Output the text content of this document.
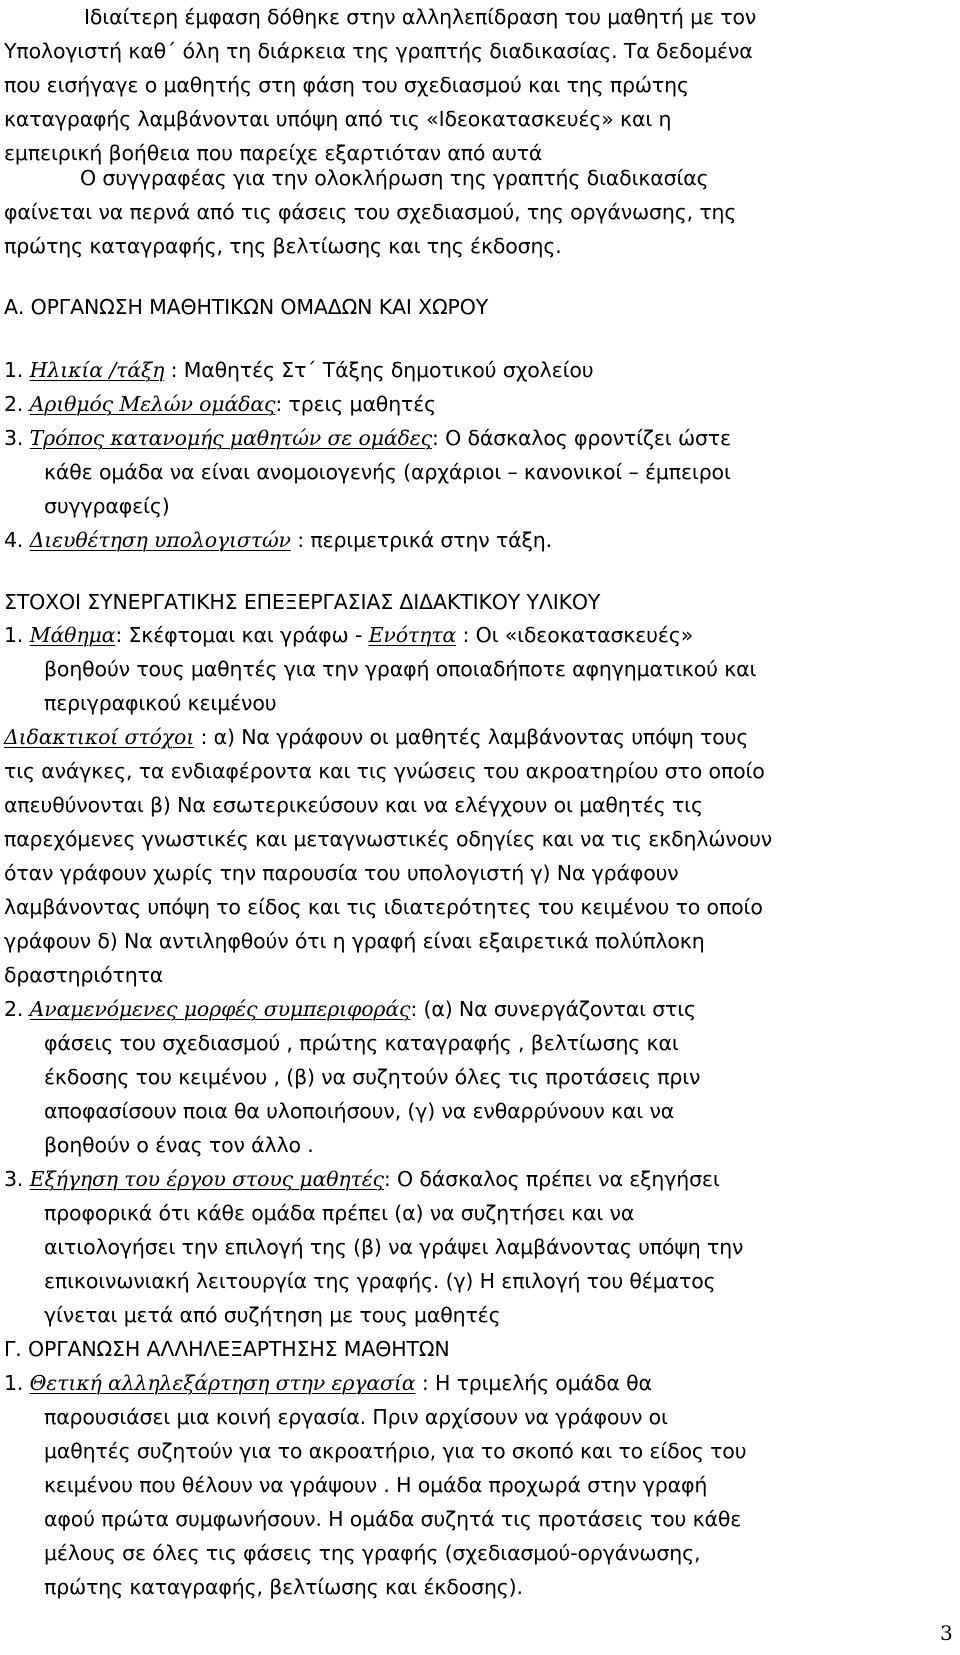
Ιδιαίτερη έμφαση δόθηκε στην αλληλεπίδραση του μαθητή με τον
Υπολογιστή καθ΄ όλη τη διάρκεια της γραπτής διαδικασίας. Τα δεδομένα
που εισήγαγε ο μαθητής στη φάση του σχεδιασμού και της πρώτης
καταγραφής λαμβάνονται υπόψη από τις «Ιδεοκατασκευές» και η
εμπειρική βοήθεια που παρείχε εξαρτιόταν από αυτά
Ο συγγραφέας για την ολοκλήρωση της γραπτής διαδικασίας
φαίνεται να περνά από τις φάσεις του σχεδιασμού, της οργάνωσης, της
πρώτης καταγραφής, της βελτίωσης και της έκδοσης.
Α. ΟΡΓΑΝΩΣΗ ΜΑΘΗΤΙΚΩΝ ΟΜΑΔΩΝ ΚΑΙ ΧΩΡΟΥ
1. Ηλικία /τάξη : Μαθητές Στ΄ Τάξης δημοτικού σχολείου
2. Αριθμός Μελών ομάδας: τρεις μαθητές
3. Τρόπος κατανομής μαθητών σε ομάδες: Ο δάσκαλος φροντίζει ώστε
κάθε ομάδα να είναι ανομοιογενής (αρχάριοι – κανονικοί – έμπειροι
συγγραφείς)
4. Διευθέτηση υπολογιστών : περιμετρικά στην τάξη.
ΣΤΟΧΟΙ ΣΥΝΕΡΓΑΤΙΚΗΣ ΕΠΕΞΕΡΓΑΣΙΑΣ ΔΙΔΑΚΤΙΚΟΥ ΥΛΙΚΟΥ
1. Μάθημα: Σκέφτομαι και γράφω - Ενότητα : Οι «ιδεοκατασκευές»
βοηθούν τους μαθητές για την γραφή οποιαδήποτε αφηγηματικού και
περιγραφικού κειμένου
Διδακτικοί στόχοι : α) Να γράφουν οι μαθητές λαμβάνοντας υπόψη τους
τις ανάγκες, τα ενδιαφέροντα και τις γνώσεις του ακροατηρίου στο οποίο
απευθύνονται β) Να εσωτερικεύσουν και να ελέγχουν οι μαθητές τις
παρεχόμενες γνωστικές και μεταγνωστικές οδηγίες και να τις εκδηλώνουν
όταν γράφουν χωρίς την παρουσία του υπολογιστή γ) Να γράφουν
λαμβάνοντας υπόψη το είδος και τις ιδιατερότητες του κειμένου το οποίο
γράφουν δ) Να αντιληφθούν ότι η γραφή είναι εξαιρετικά πολύπλοκη
δραστηριότητα
2. Αναμενόμενες μορφές συμπεριφοράς: (α) Να συνεργάζονται στις
φάσεις του σχεδιασμού , πρώτης καταγραφής , βελτίωσης και
έκδοσης του κειμένου , (β) να συζητούν όλες τις προτάσεις πριν
αποφασίσουν ποια θα υλοποιήσουν, (γ) να ενθαρρύνουν και να
βοηθούν ο ένας τον άλλο .
3. Εξήγηση του έργου στους μαθητές: Ο δάσκαλος πρέπει να εξηγήσει
προφορικά ότι κάθε ομάδα πρέπει (α) να συζητήσει και να
αιτιολογήσει την επιλογή της (β) να γράψει λαμβάνοντας υπόψη την
επικοινωνιακή λειτουργία της γραφής. (γ) Η επιλογή του θέματος
γίνεται μετά από συζήτηση με τους μαθητές
Γ. ΟΡΓΑΝΩΣΗ ΑΛΛΗΛΕΞΑΡΤΗΣΗΣ ΜΑΘΗΤΩΝ
1. Θετική αλληλεξάρτηση στην εργασία : Η τριμελής ομάδα θα
παρουσιάσει μια κοινή εργασία. Πριν αρχίσουν να γράφουν οι
μαθητές συζητούν για το ακροατήριο, για το σκοπό και το είδος του
κειμένου που θέλουν να γράψουν . Η ομάδα προχωρά στην γραφή
αφού πρώτα συμφωνήσουν. Η ομάδα συζητά τις προτάσεις του κάθε
μέλους σε όλες τις φάσεις της γραφής (σχεδιασμού-οργάνωσης,
πρώτης καταγραφής, βελτίωσης και έκδοσης).
3
